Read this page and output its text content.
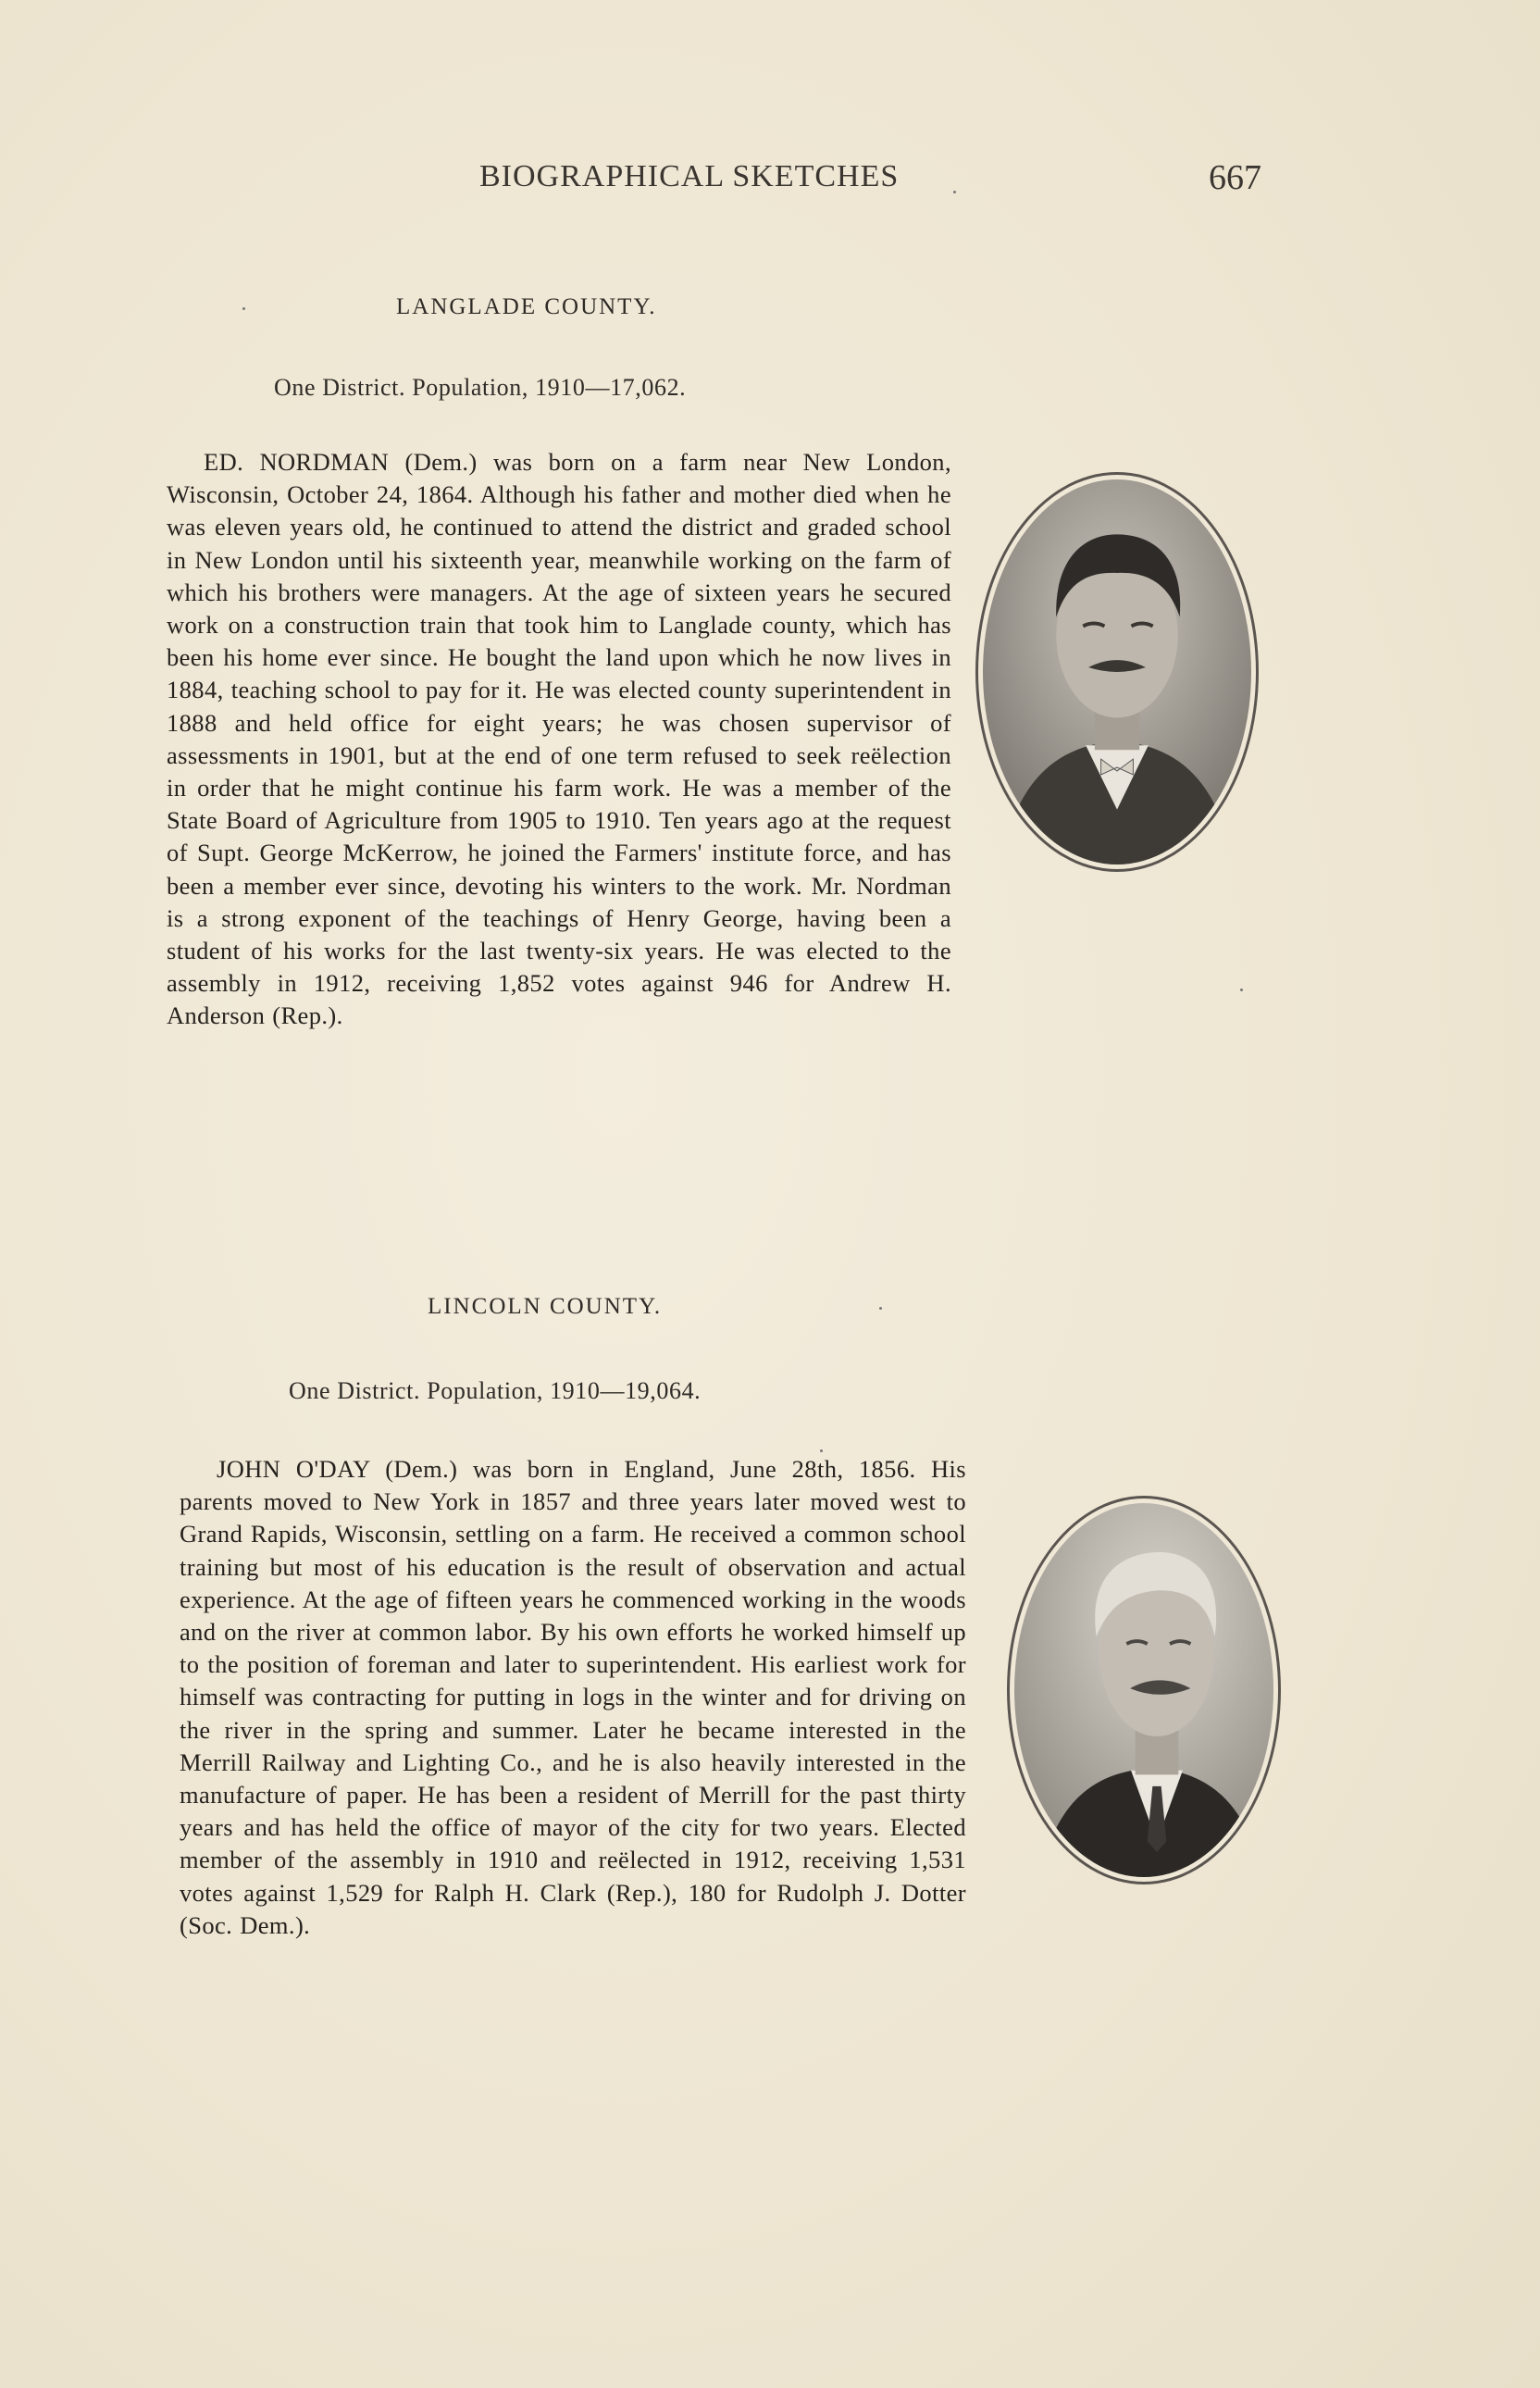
BIOGRAPHICAL SKETCHES	667
LANGLADE COUNTY.
One District. Population, 1910—17,062.
ED. NORDMAN (Dem.) was born on a farm near New London, Wisconsin, October 24, 1864. Although his father and mother died when he was eleven years old, he continued to attend the district and graded school in New London until his sixteenth year, meanwhile working on the farm of which his brothers were managers. At the age of sixteen years he secured work on a construction train that took him to Langlade county, which has been his home ever since. He bought the land upon which he now lives in 1884, teaching school to pay for it. He was elected county superintendent in 1888 and held office for eight years; he was chosen supervisor of assessments in 1901, but at the end of one term refused to seek reëlection in order that he might continue his farm work. He was a member of the State Board of Agriculture from 1905 to 1910. Ten years ago at the request of Supt. George McKerrow, he joined the Farmers' institute force, and has been a member ever since, devoting his winters to the work. Mr. Nordman is a strong exponent of the teachings of Henry George, having been a student of his works for the last twenty-six years. He was elected to the assembly in 1912, receiving 1,852 votes against 946 for Andrew H. Anderson (Rep.).
LINCOLN COUNTY.
One District. Population, 1910—19,064.
JOHN O'DAY (Dem.) was born in England, June 28th, 1856. His parents moved to New York in 1857 and three years later moved west to Grand Rapids, Wisconsin, settling on a farm. He received a common school training but most of his education is the result of observation and actual experience. At the age of fifteen years he commenced working in the woods and on the river at common labor. By his own efforts he worked himself up to the position of foreman and later to superintendent. His earliest work for himself was contracting for putting in logs in the winter and for driving on the river in the spring and summer. Later he became interested in the Merrill Railway and Lighting Co., and he is also heavily interested in the manufacture of paper. He has been a resident of Merrill for the past thirty years and has held the office of mayor of the city for two years. Elected member of the assembly in 1910 and reëlected in 1912, receiving 1,531 votes against 1,529 for Ralph H. Clark (Rep.), 180 for Rudolph J. Dotter (Soc. Dem.).
